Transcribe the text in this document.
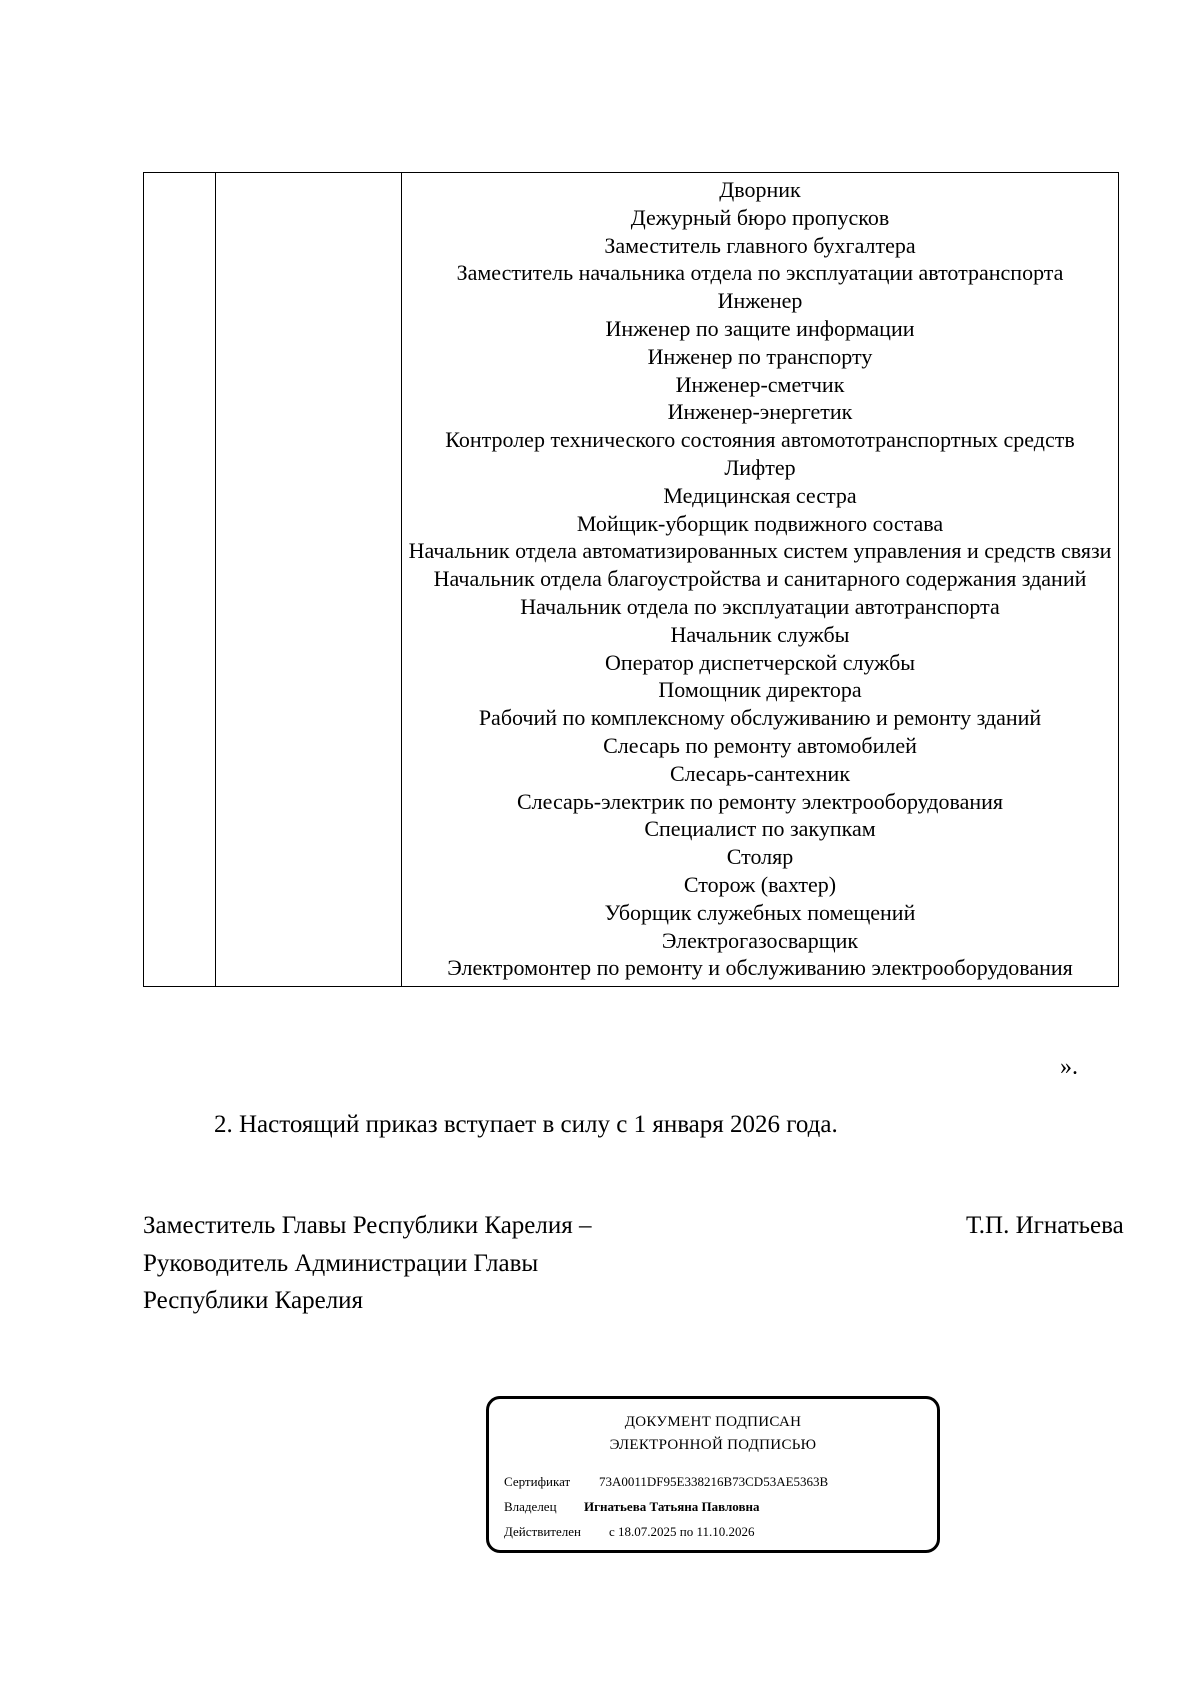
Дворник
Дежурный бюро пропусков
Заместитель главного бухгалтера
Заместитель начальника отдела по эксплуатации автотранспорта
Инженер
Инженер по защите информации
Инженер по транспорту
Инженер-сметчик
Инженер-энергетик
Контролер технического состояния автомототранспортных средств
Лифтер
Медицинская сестра
Мойщик-уборщик подвижного состава
Начальник отдела автоматизированных систем управления и средств связи
Начальник отдела благоустройства и санитарного содержания зданий
Начальник отдела по эксплуатации автотранспорта
Начальник службы
Оператор диспетчерской службы
Помощник директора
Рабочий по комплексному обслуживанию и ремонту зданий
Слесарь по ремонту автомобилей
Слесарь-сантехник
Слесарь-электрик по ремонту электрооборудования
Специалист по закупкам
Столяр
Сторож (вахтер)
Уборщик служебных помещений
Электрогазосварщик
Электромонтер по ремонту и обслуживанию электрооборудования
».
2. Настоящий приказ вступает в силу с 1 января 2026 года.
Заместитель Главы Республики Карелия –
Руководитель Администрации Главы
Республики Карелия
Т.П. Игнатьева
ДОКУМЕНТ ПОДПИСАН
ЭЛЕКТРОННОЙ ПОДПИСЬЮ
Сертификат 73A0011DF95E338216B73CD53AE5363B
Владелец Игнатьева Татьяна Павловна
Действителен с 18.07.2025 по 11.10.2026
